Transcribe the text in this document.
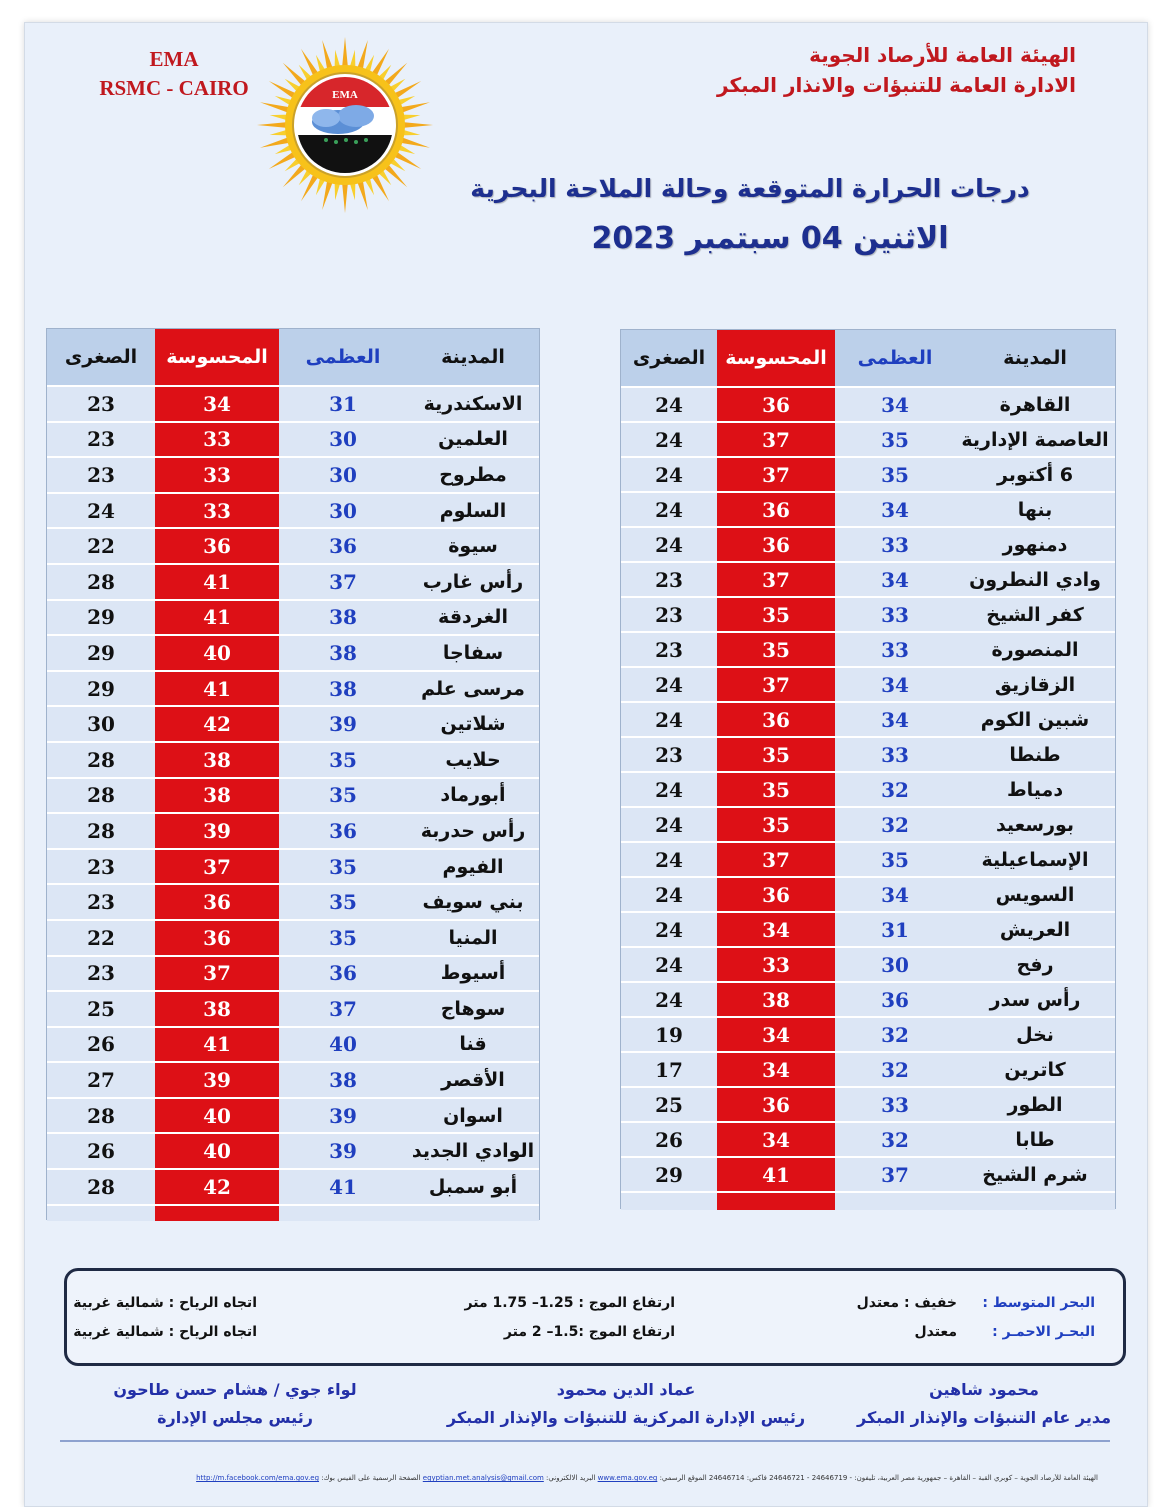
EMA
RSMC - CAIRO	EMA
الهيئة العامة للأرصاد الجوية
الادارة العامة للتنبؤات والانذار المبكر
درجات الحرارة المتوقعة وحالة الملاحة البحرية
الاثنين 04 سبتمبر 2023
المدينة
العظمى
المحسوسة
الصغرى
القاهرة
34
36
24
العاصمة الإدارية
35
37
24
6 أكتوبر
35
37
24
بنها
34
36
24
دمنهور
33
36
24
وادي النطرون
34
37
23
كفر الشيخ
33
35
23
المنصورة
33
35
23
الزقازيق
34
37
24
شبين الكوم
34
36
24
طنطا
33
35
23
دمياط
32
35
24
بورسعيد
32
35
24
الإسماعيلية
35
37
24
السويس
34
36
24
العريش
31
34
24
رفح
30
33
24
رأس سدر
36
38
24
نخل
32
34
19
كاترين
32
34
17
الطور
33
36
25
طابا
32
34
26
شرم الشيخ
37
41
29
المدينة
العظمى
المحسوسة
الصغرى
الاسكندرية
31
34
23
العلمين
30
33
23
مطروح
30
33
23
السلوم
30
33
24
سيوة
36
36
22
رأس غارب
37
41
28
الغردقة
38
41
29
سفاجا
38
40
29
مرسى علم
38
41
29
شلاتين
39
42
30
حلايب
35
38
28
أبورماد
35
38
28
رأس حدربة
36
39
28
الفيوم
35
37
23
بني سويف
35
36
23
المنيا
35
36
22
أسيوط
36
37
23
سوهاج
37
38
25
قنا
40
41
26
الأقصر
38
39
27
اسوان
39
40
28
الوادي الجديد
39
40
26
أبو سمبل
41
42
28
البحر المتوسط :
خفيف : معتدل
ارتفاع الموج : 1.25– 1.75 متر
اتجاه الرياح : شمالية غربية
البحـر الاحمـر :
معتدل
ارتفاع الموج :1.5– 2 متر
اتجاه الرياح : شمالية غربية
محمود شاهين
مدير عام التنبؤات والإنذار المبكر
عماد الدين محمود
رئيس الإدارة المركزية للتنبؤات والإنذار المبكر
لواء جوي / هشام حسن طاحون
رئيس مجلس الإدارة
الهيئة العامة للأرصاد الجوية – كوبري القبة – القاهرة – جمهورية مصر العربية، تليفون: - 24646719 - 24646721 فاكس: 24646714 الموقع الرسمي: www.ema.gov.eg البريد الالكتروني: egyptian.met.analysis@gmail.com الصفحة الرسمية على الفيس بوك: http://m.facebook.com/ema.gov.eg
